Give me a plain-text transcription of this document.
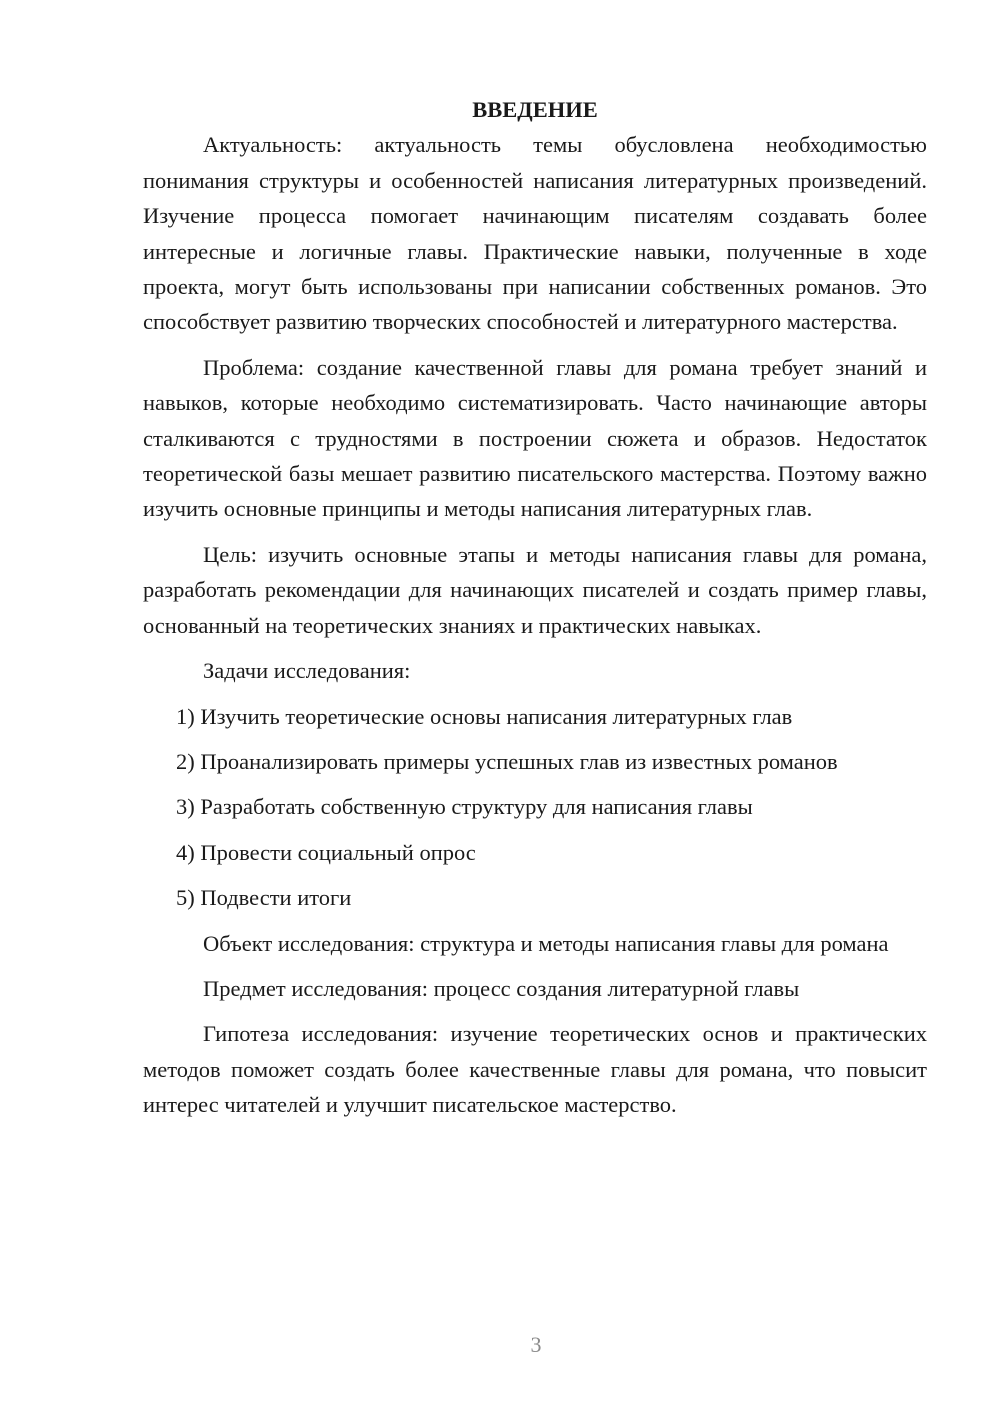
ВВЕДЕНИЕ

Актуальность: актуальность темы обусловлена необходимостью понимания структуры и особенностей написания литературных произведений. Изучение процесса помогает начинающим писателям создавать более интересные и логичные главы. Практические навыки, полученные в ходе проекта, могут быть использованы при написании собственных романов. Это способствует развитию творческих способностей и литературного мастерства.

Проблема: создание качественной главы для романа требует знаний и навыков, которые необходимо систематизировать. Часто начинающие авторы сталкиваются с трудностями в построении сюжета и образов. Недостаток теоретической базы мешает развитию писательского мастерства. Поэтому важно изучить основные принципы и методы написания литературных глав.

Цель: изучить основные этапы и методы написания главы для романа, разработать рекомендации для начинающих писателей и создать пример главы, основанный на теоретических знаниях и практических навыках.

Задачи исследования:

1) Изучить теоретические основы написания литературных глав

2) Проанализировать примеры успешных глав из известных романов

3) Разработать собственную структуру для написания главы

4) Провести социальный опрос

5) Подвести итоги

Объект исследования: структура и методы написания главы для романа

Предмет исследования: процесс создания литературной главы

Гипотеза исследования: изучение теоретических основ и практических методов поможет создать более качественные главы для романа, что повысит интерес читателей и улучшит писательское мастерство.

3
